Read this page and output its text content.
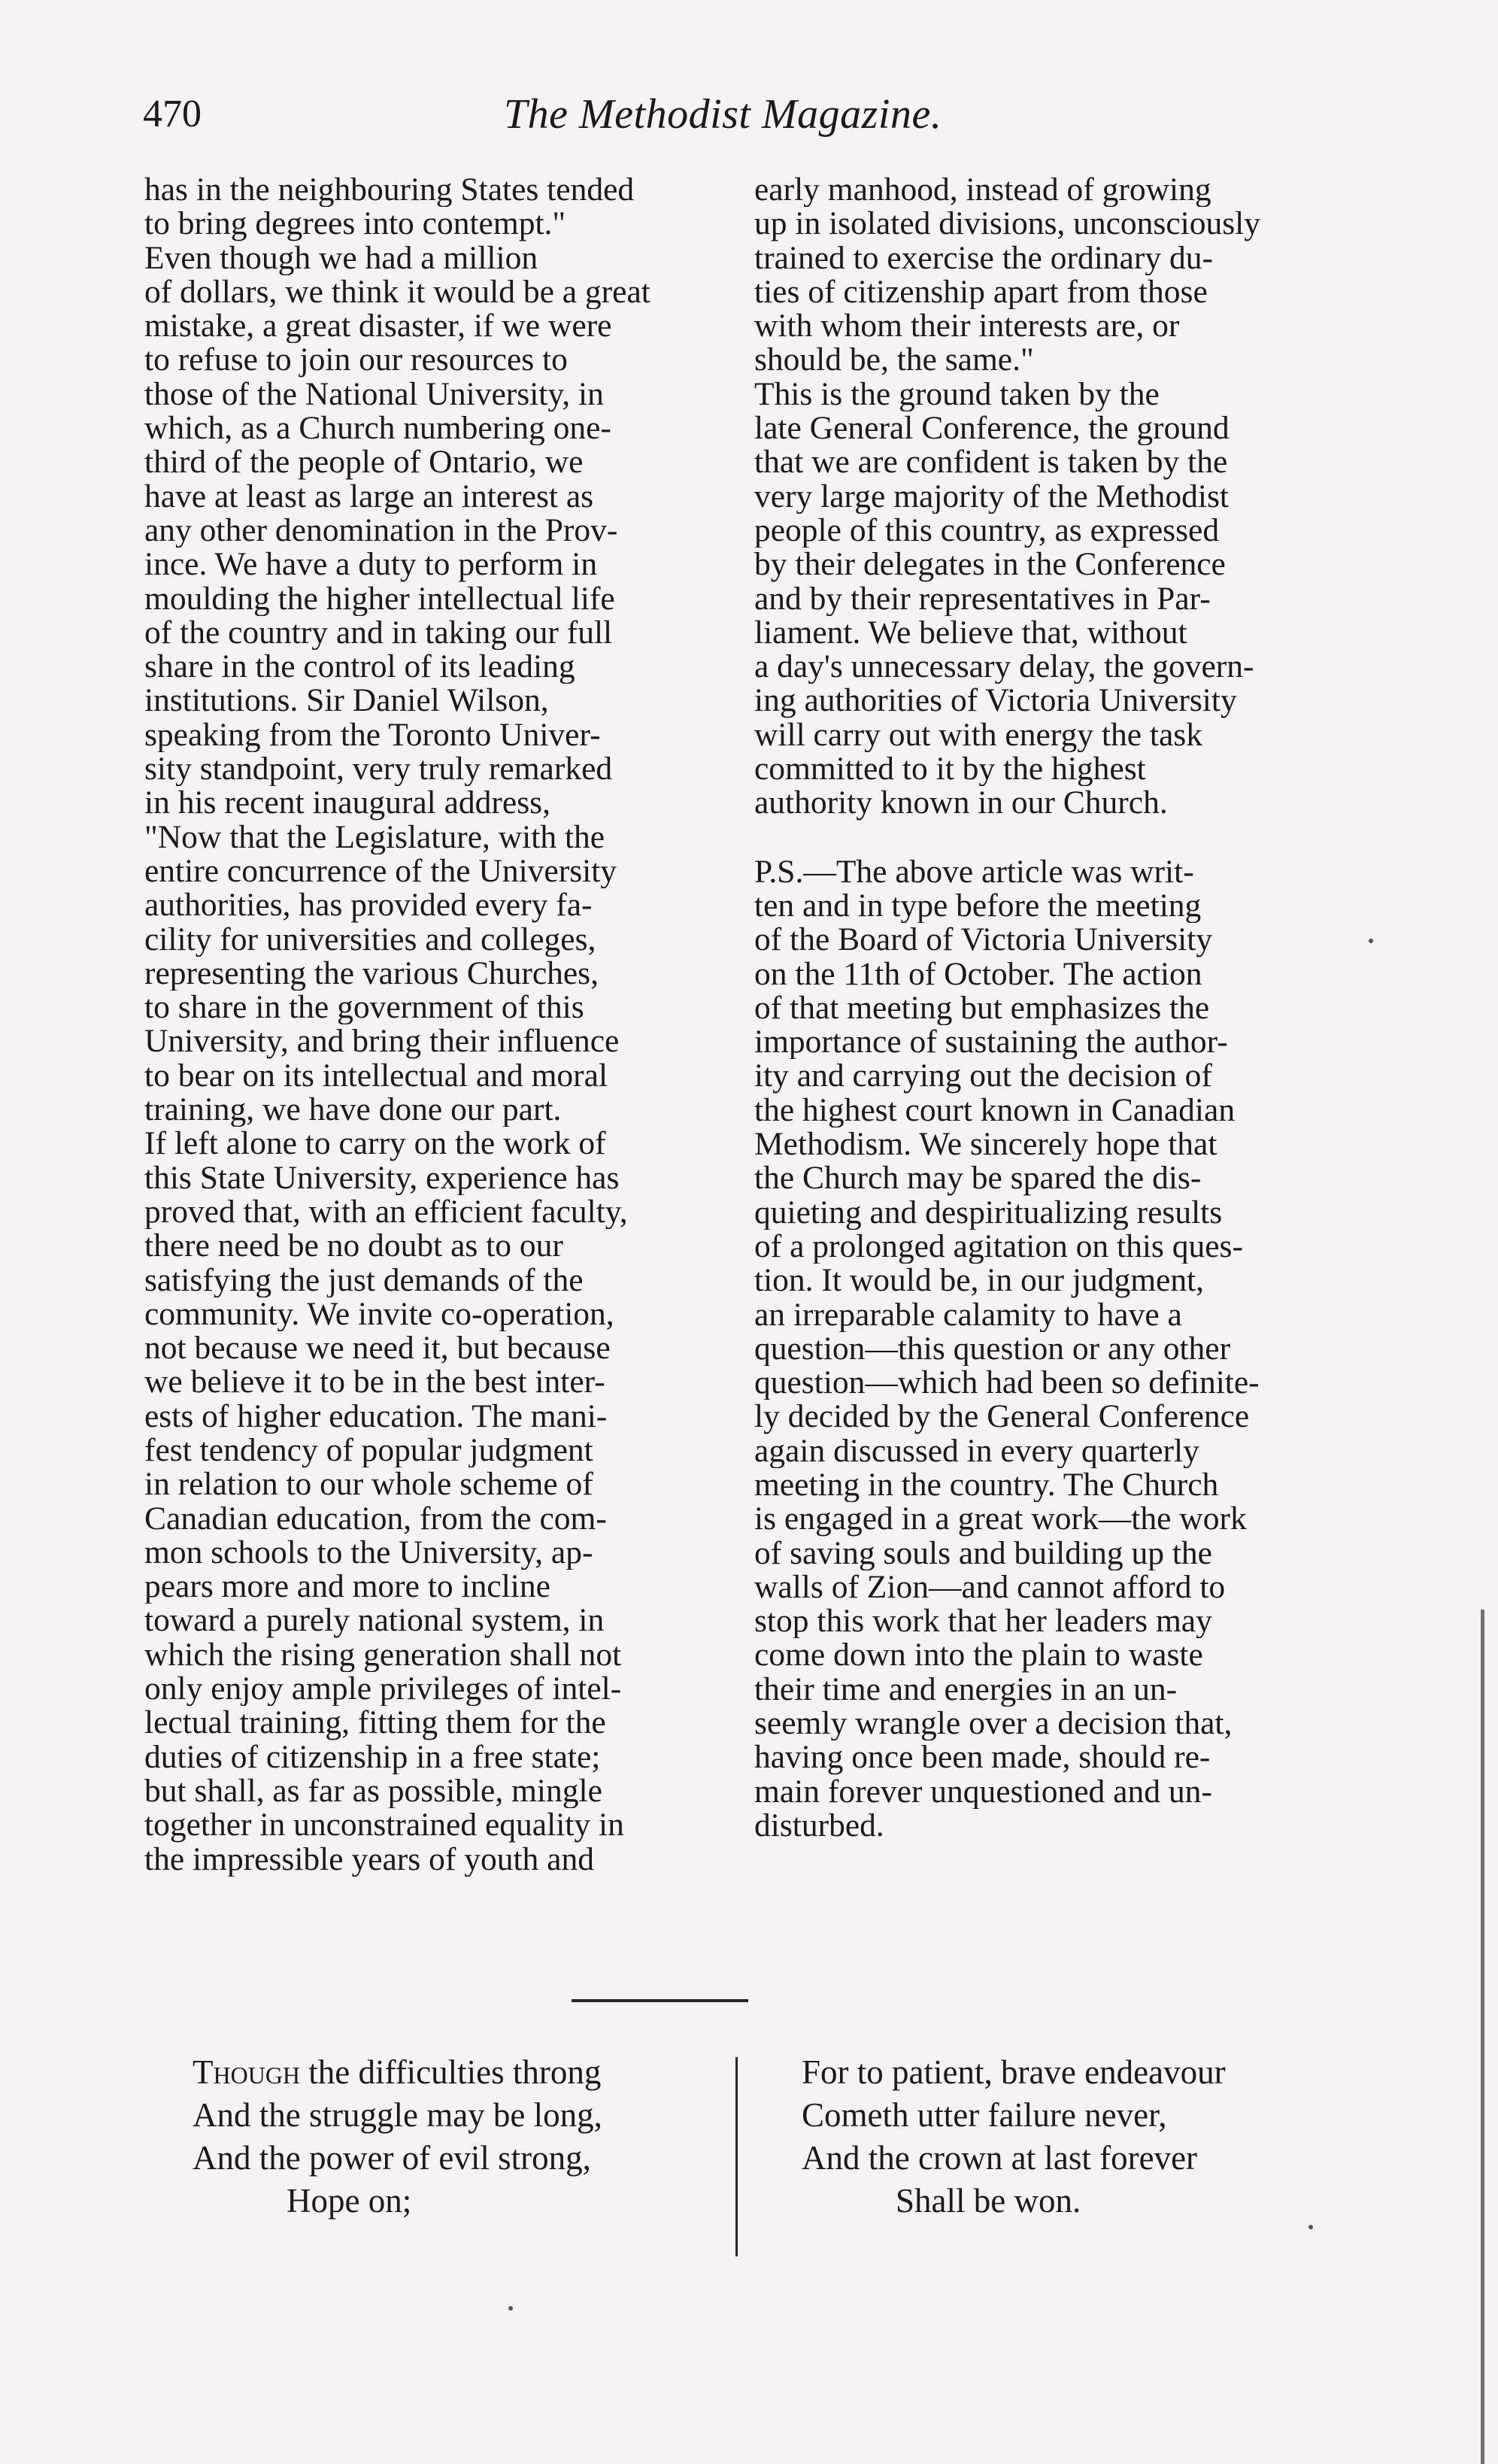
470	The Methodist Magazine.
has in the neighbouring States tended
to bring degrees into contempt."
Even though we had a million
of dollars, we think it would be a great
mistake, a great disaster, if we were
to refuse to join our resources to
those of the National University, in
which, as a Church numbering one-
third of the people of Ontario, we
have at least as large an interest as
any other denomination in the Prov-
ince. We have a duty to perform in
moulding the higher intellectual life
of the country and in taking our full
share in the control of its leading
institutions. Sir Daniel Wilson,
speaking from the Toronto Univer-
sity standpoint, very truly remarked
in his recent inaugural address,
"Now that the Legislature, with the
entire concurrence of the University
authorities, has provided every fa-
cility for universities and colleges,
representing the various Churches,
to share in the government of this
University, and bring their influence
to bear on its intellectual and moral
training, we have done our part.
If left alone to carry on the work of
this State University, experience has
proved that, with an efficient faculty,
there need be no doubt as to our
satisfying the just demands of the
community. We invite co-operation,
not because we need it, but because
we believe it to be in the best inter-
ests of higher education. The mani-
fest tendency of popular judgment
in relation to our whole scheme of
Canadian education, from the com-
mon schools to the University, ap-
pears more and more to incline
toward a purely national system, in
which the rising generation shall not
only enjoy ample privileges of intel-
lectual training, fitting them for the
duties of citizenship in a free state;
but shall, as far as possible, mingle
together in unconstrained equality in
the impressible years of youth and
early manhood, instead of growing
up in isolated divisions, unconsciously
trained to exercise the ordinary du-
ties of citizenship apart from those
with whom their interests are, or
should be, the same."
This is the ground taken by the
late General Conference, the ground
that we are confident is taken by the
very large majority of the Methodist
people of this country, as expressed
by their delegates in the Conference
and by their representatives in Par-
liament. We believe that, without
a day's unnecessary delay, the govern-
ing authorities of Victoria University
will carry out with energy the task
committed to it by the highest
authority known in our Church.
P.S.—The above article was writ-
ten and in type before the meeting
of the Board of Victoria University
on the 11th of October. The action
of that meeting but emphasizes the
importance of sustaining the author-
ity and carrying out the decision of
the highest court known in Canadian
Methodism. We sincerely hope that
the Church may be spared the dis-
quieting and despiritualizing results
of a prolonged agitation on this ques-
tion. It would be, in our judgment,
an irreparable calamity to have a
question—this question or any other
question—which had been so definite-
ly decided by the General Conference
again discussed in every quarterly
meeting in the country. The Church
is engaged in a great work—the work
of saving souls and building up the
walls of Zion—and cannot afford to
stop this work that her leaders may
come down into the plain to waste
their time and energies in an un-
seemly wrangle over a decision that,
having once been made, should re-
main forever unquestioned and un-
disturbed.
Though the difficulties throng
And the struggle may be long,
And the power of evil strong,
Hope on;
For to patient, brave endeavour
Cometh utter failure never,
And the crown at last forever
Shall be won.
